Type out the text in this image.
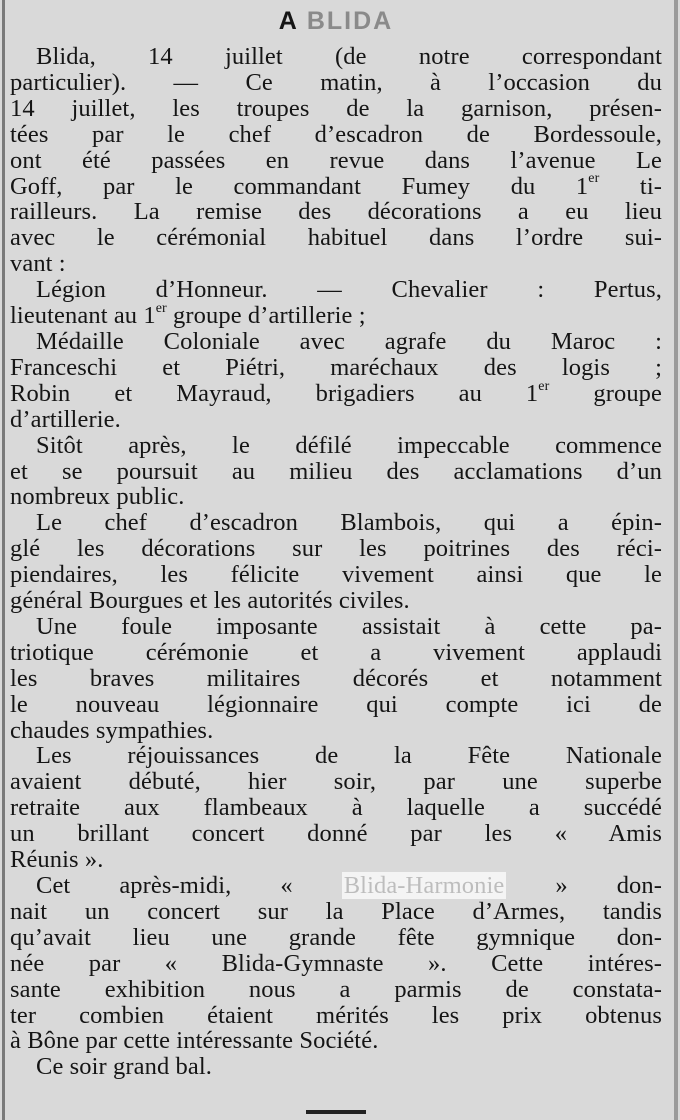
A BLIDA
Blida, 14 juillet (de notre correspondant
particulier). — Ce matin, à l’occasion du
14 juillet, les troupes de la garnison, présen-
tées par le chef d’escadron de Bordessoule,
ont été passées en revue dans l’avenue Le
Goff, par le commandant Fumey du 1er ti-
railleurs. La remise des décorations a eu lieu
avec le cérémonial habituel dans l’ordre sui-
vant :
Légion d’Honneur. — Chevalier : Pertus,
lieutenant au 1er groupe d’artillerie ;
Médaille Coloniale avec agrafe du Maroc :
Franceschi et Piétri, maréchaux des logis ;
Robin et Mayraud, brigadiers au 1er groupe
d’artillerie.
Sitôt après, le défilé impeccable commence
et se poursuit au milieu des acclamations d’un
nombreux public.
Le chef d’escadron Blambois, qui a épin-
glé les décorations sur les poitrines des réci-
piendaires, les félicite vivement ainsi que le
général Bourgues et les autorités civiles.
Une foule imposante assistait à cette pa-
triotique cérémonie et a vivement applaudi
les braves militaires décorés et notamment
le nouveau légionnaire qui compte ici de
chaudes sympathies.
Les réjouissances de la Fête Nationale
avaient débuté, hier soir, par une superbe
retraite aux flambeaux à laquelle a succédé
un brillant concert donné par les « Amis
Réunis ».
Cet après-midi, « Blida-Harmonie » don-
nait un concert sur la Place d’Armes, tandis
qu’avait lieu une grande fête gymnique don-
née par « Blida-Gymnaste ». Cette intéres-
sante exhibition nous a parmis de constata-
ter combien étaient mérités les prix obtenus
à Bône par cette intéressante Société.
Ce soir grand bal.
